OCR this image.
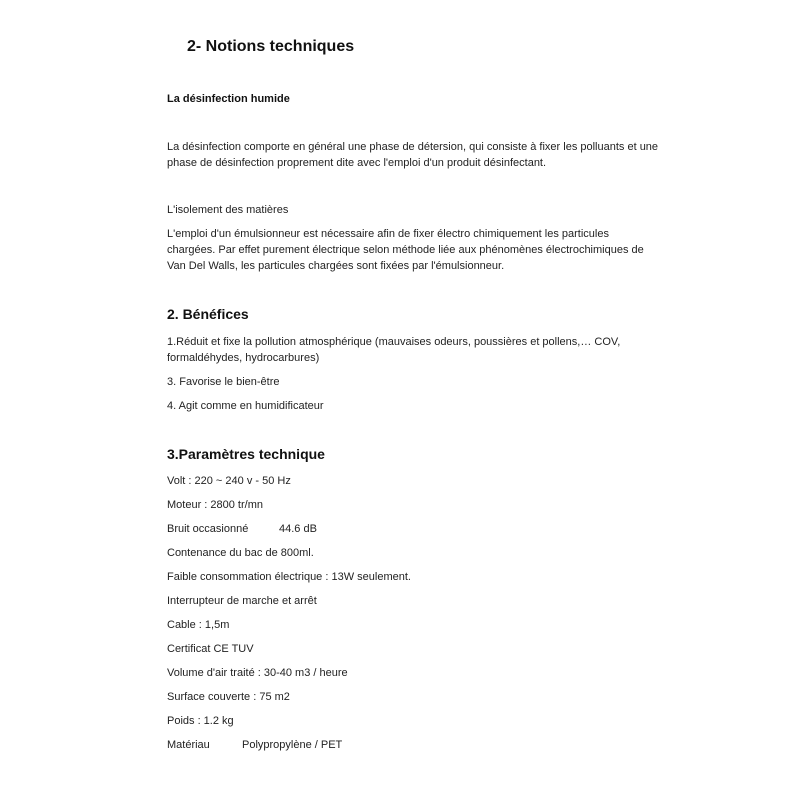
2- Notions techniques
La désinfection humide
La désinfection comporte en général une phase de détersion, qui consiste à fixer les polluants et une
phase de désinfection proprement dite avec l'emploi d'un produit désinfectant.
L'isolement des matières
L'emploi d'un émulsionneur est nécessaire afin de fixer électro chimiquement les particules
chargées. Par effet purement électrique selon méthode liée aux phénomènes électrochimiques de
Van Del Walls, les particules chargées sont fixées par l'émulsionneur.
2. Bénéfices
1.Réduit et fixe la pollution atmosphérique (mauvaises odeurs, poussières et pollens,… COV,
formaldéhydes, hydrocarbures)
3. Favorise le bien-être
4. Agit comme en humidificateur
3.Paramètres technique
Volt : 220 ~ 240 v - 50 Hz
Moteur : 2800 tr/mn
Bruit occasionné	44.6 dB
Contenance du bac de 800ml.
Faible consommation électrique : 13W seulement.
Interrupteur de marche et arrêt
Cable : 1,5m
Certificat CE TUV
Volume d'air traité : 30-40 m3 / heure
Surface couverte : 75 m2
Poids : 1.2 kg
Matériau	Polypropylène / PET
